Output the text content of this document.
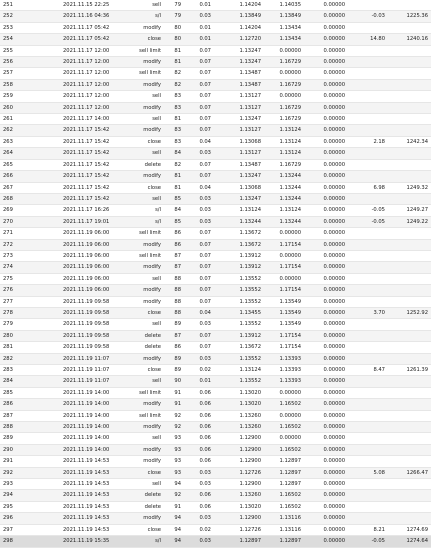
251	2021.11.15 22:25	sell	79	0.01	1.14204	1.14035	0.00000		
252	2021.11.16 04:36	s/l	79	0.03	1.13849	1.13849	0.00000	-0.03	1225.36
253	2021.11.17 05:42	modify	80	0.01	1.14204	1.13434	0.00000		
254	2021.11.17 05:42	close	80	0.01	1.12720	1.13434	0.00000	14.80	1240.16
255	2021.11.17 12:00	sell limit	81	0.07	1.13247	0.00000	0.00000		
256	2021.11.17 12:00	modify	81	0.07	1.13247	1.16729	0.00000		
257	2021.11.17 12:00	sell limit	82	0.07	1.13487	0.00000	0.00000		
258	2021.11.17 12:00	modify	82	0.07	1.13487	1.16729	0.00000		
259	2021.11.17 12:00	sell	83	0.07	1.13127	0.00000	0.00000		
260	2021.11.17 12:00	modify	83	0.07	1.13127	1.16729	0.00000		
261	2021.11.17 14:00	sell	81	0.07	1.13247	1.16729	0.00000		
262	2021.11.17 15:42	modify	83	0.07	1.13127	1.13124	0.00000		
263	2021.11.17 15:42	close	83	0.04	1.13068	1.13124	0.00000	2.18	1242.34
264	2021.11.17 15:42	sell	84	0.03	1.13127	1.13124	0.00000		
265	2021.11.17 15:42	delete	82	0.07	1.13487	1.16729	0.00000		
266	2021.11.17 15:42	modify	81	0.07	1.13247	1.13244	0.00000		
267	2021.11.17 15:42	close	81	0.04	1.13068	1.13244	0.00000	6.98	1249.32
268	2021.11.17 15:42	sell	85	0.03	1.13247	1.13244	0.00000		
269	2021.11.17 16:26	s/l	84	0.03	1.13124	1.13124	0.00000	-0.05	1249.27
270	2021.11.17 19:01	s/l	85	0.03	1.13244	1.13244	0.00000	-0.05	1249.22
271	2021.11.19 06:00	sell limit	86	0.07	1.13672	0.00000	0.00000		
272	2021.11.19 06:00	modify	86	0.07	1.13672	1.17154	0.00000		
273	2021.11.19 06:00	sell limit	87	0.07	1.13912	0.00000	0.00000		
274	2021.11.19 06:00	modify	87	0.07	1.13912	1.17154	0.00000		
275	2021.11.19 06:00	sell	88	0.07	1.13552	0.00000	0.00000		
276	2021.11.19 06:00	modify	88	0.07	1.13552	1.17154	0.00000		
277	2021.11.19 09:58	modify	88	0.07	1.13552	1.13549	0.00000		
278	2021.11.19 09:58	close	88	0.04	1.13455	1.13549	0.00000	3.70	1252.92
279	2021.11.19 09:58	sell	89	0.03	1.13552	1.13549	0.00000		
280	2021.11.19 09:58	delete	87	0.07	1.13912	1.17154	0.00000		
281	2021.11.19 09:58	delete	86	0.07	1.13672	1.17154	0.00000		
282	2021.11.19 11:07	modify	89	0.03	1.13552	1.13393	0.00000		
283	2021.11.19 11:07	close	89	0.02	1.13124	1.13393	0.00000	8.47	1261.39
284	2021.11.19 11:07	sell	90	0.01	1.13552	1.13393	0.00000		
285	2021.11.19 14:00	sell limit	91	0.06	1.13020	0.00000	0.00000		
286	2021.11.19 14:00	modify	91	0.06	1.13020	1.16502	0.00000		
287	2021.11.19 14:00	sell limit	92	0.06	1.13260	0.00000	0.00000		
288	2021.11.19 14:00	modify	92	0.06	1.13260	1.16502	0.00000		
289	2021.11.19 14:00	sell	93	0.06	1.12900	0.00000	0.00000		
290	2021.11.19 14:00	modify	93	0.06	1.12900	1.16502	0.00000		
291	2021.11.19 14:53	modify	93	0.06	1.12900	1.12897	0.00000		
292	2021.11.19 14:53	close	93	0.03	1.12726	1.12897	0.00000	5.08	1266.47
293	2021.11.19 14:53	sell	94	0.03	1.12900	1.12897	0.00000		
294	2021.11.19 14:53	delete	92	0.06	1.13260	1.16502	0.00000		
295	2021.11.19 14:53	delete	91	0.06	1.13020	1.16502	0.00000		
296	2021.11.19 14:53	modify	94	0.03	1.12900	1.13116	0.00000		
297	2021.11.19 14:53	close	94	0.02	1.12726	1.13116	0.00000	8.21	1274.69
298	2021.11.19 15:35	s/l	94	0.03	1.12897	1.12897	0.00000	-0.05	1274.64
